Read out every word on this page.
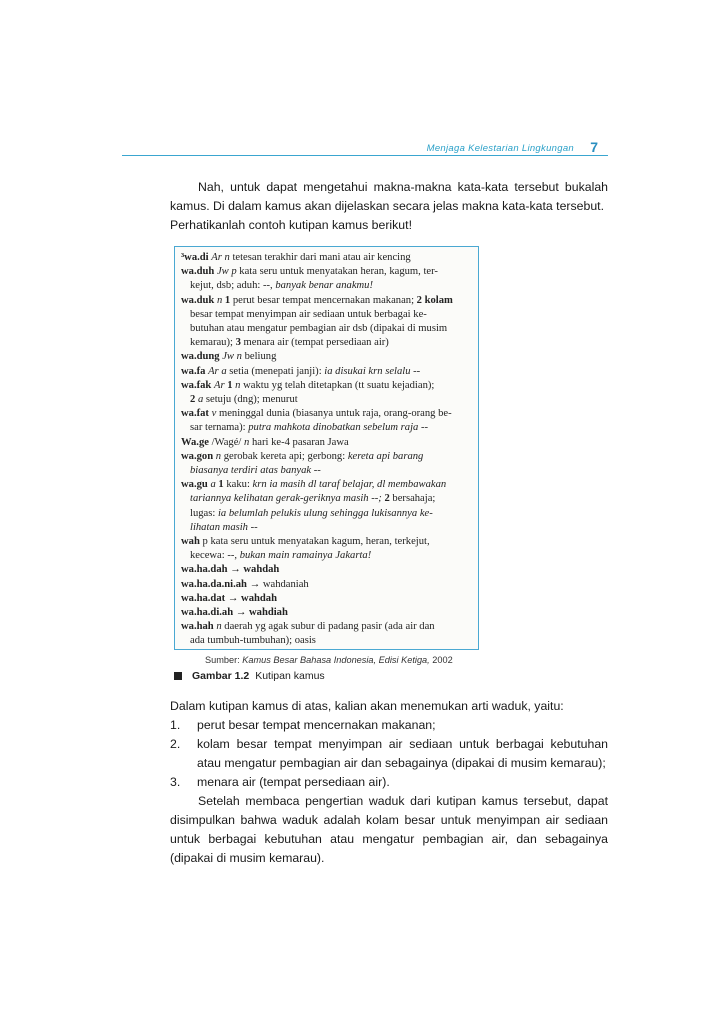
Menjaga Kelestarian Lingkungan 7

Nah, untuk dapat mengetahui makna-makna kata-kata tersebut bukalah kamus. Di dalam kamus akan dijelaskan secara jelas makna kata-kata tersebut.

Perhatikanlah contoh kutipan kamus berikut!

³wa.di Ar n tetesan terakhir dari mani atau air kencing
wa.duh Jw p kata seru untuk menyatakan heran, kagum, ter-
kejut, dsb; aduh: --, banyak benar anakmu!
wa.duk n 1 perut besar tempat mencernakan makanan; 2 kolam
besar tempat menyimpan air sediaan untuk berbagai ke-
butuhan atau mengatur pembagian air dsb (dipakai di musim
kemarau); 3 menara air (tempat persediaan air)
wa.dung Jw n beliung
wa.fa Ar a setia (menepati janji): ia disukai krn selalu --
wa.fak Ar 1 n waktu yg telah ditetapkan (tt suatu kejadian);
2 a setuju (dng); menurut
wa.fat v meninggal dunia (biasanya untuk raja, orang-orang be-
sar ternama): putra mahkota dinobatkan sebelum raja --
Wa.ge /Wagé/ n hari ke-4 pasaran Jawa
wa.gon n gerobak kereta api; gerbong: kereta api barang
biasanya terdiri atas banyak --
wa.gu a 1 kaku: krn ia masih dl taraf belajar, dl membawakan
tariannya kelihatan gerak-geriknya masih --; 2 bersahaja;
lugas: ia belumlah pelukis ulung sehingga lukisannya ke-
lihatan masih --
wah p kata seru untuk menyatakan kagum, heran, terkejut,
kecewa: --, bukan main ramainya Jakarta!
wa.ha.dah → wahdah
wa.ha.da.ni.ah → wahdaniah
wa.ha.dat → wahdah
wa.ha.di.ah → wahdiah
wa.hah n daerah yg agak subur di padang pasir (ada air dan
ada tumbuh-tumbuhan); oasis
Sumber: Kamus Besar Bahasa Indonesia, Edisi Ketiga, 2002
Gambar 1.2 Kutipan kamus

Dalam kutipan kamus di atas, kalian akan menemukan arti waduk, yaitu:

1.	perut besar tempat mencernakan makanan;
2.	kolam besar tempat menyimpan air sediaan untuk berbagai kebutuhan atau mengatur pembagian air dan sebagainya (dipakai di musim kemarau);
3.	menara air (tempat persediaan air).

Setelah membaca pengertian waduk dari kutipan kamus tersebut, dapat disimpulkan bahwa waduk adalah kolam besar untuk menyimpan air sediaan untuk berbagai kebutuhan atau mengatur pembagian air, dan sebagainya (dipakai di musim kemarau).
